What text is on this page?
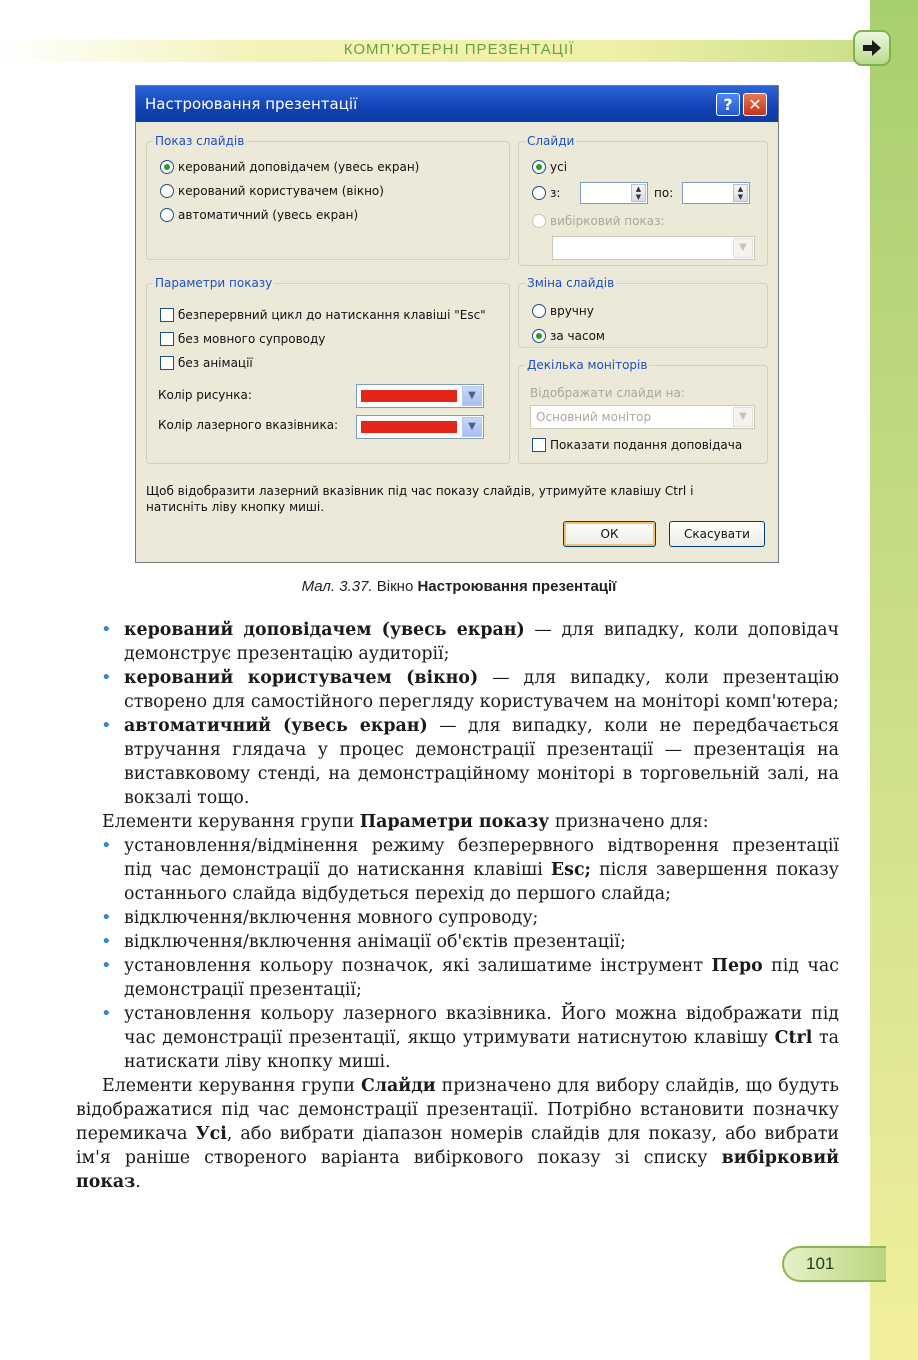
КОМП'ЮТЕРНІ ПРЕЗЕНТАЦІЇ
Настроювання презентації	? ✕
Показ слайдів
керований доповідачем (увесь екран)
керований користувачем (вікно)
автоматичний (увесь екран)
Слайди
усі
з:	▲
▼	по:	▲
▼
вибірковий показ:
▼
Параметри показу
безперервний цикл до натискання клавіші "Esc"
без мовного супроводу
без анімації
Колір рисунка:	▼
Колір лазерного вказівника:	▼
Зміна слайдів
вручну
за часом
Декілька моніторів
Відображати слайди на:
Основний монітор	▼
Показати подання доповідача
Щоб відобразити лазерний вказівник під час показу слайдів, утримуйте клавішу Ctrl і
натисніть ліву кнопку миші.
ОК	Скасувати
Мал. 3.37. Вікно Настроювання презентації

• керований доповідачем (увесь екран) — для випадку, коли доповідач демонструє презентацію аудиторії;

• керований користувачем (вікно) — для випадку, коли презентацію створено для самостійного перегляду користувачем на моніторі комп'ютера;

• автоматичний (увесь екран) — для випадку, коли не передбачається втручання глядача у процес демонстрації презентації — презентація на виставковому стенді, на демонстраційному моніторі в торговельній залі, на вокзалі тощо.

Елементи керування групи Параметри показу призначено для:

• установлення/відмінення режиму безперервного відтворення презентації під час демонстрації до натискання клавіші Esc; після завершення показу останнього слайда відбудеться перехід до першого слайда;

• відключення/включення мовного супроводу;

• відключення/включення анімації об'єктів презентації;

• установлення кольору позначок, які залишатиме інструмент Перо під час демонстрації презентації;

• установлення кольору лазерного вказівника. Його можна відображати під час демонстрації презентації, якщо утримувати натиснутою клавішу Ctrl та натискати ліву кнопку миші.

Елементи керування групи Слайди призначено для вибору слайдів, що будуть відображатися під час демонстрації презентації. Потрібно встановити позначку перемикача Усі, або вибрати діапазон номерів слайдів для показу, або вибрати ім'я раніше створеного варіанта вибіркового показу зі списку вибірковий показ.

101
